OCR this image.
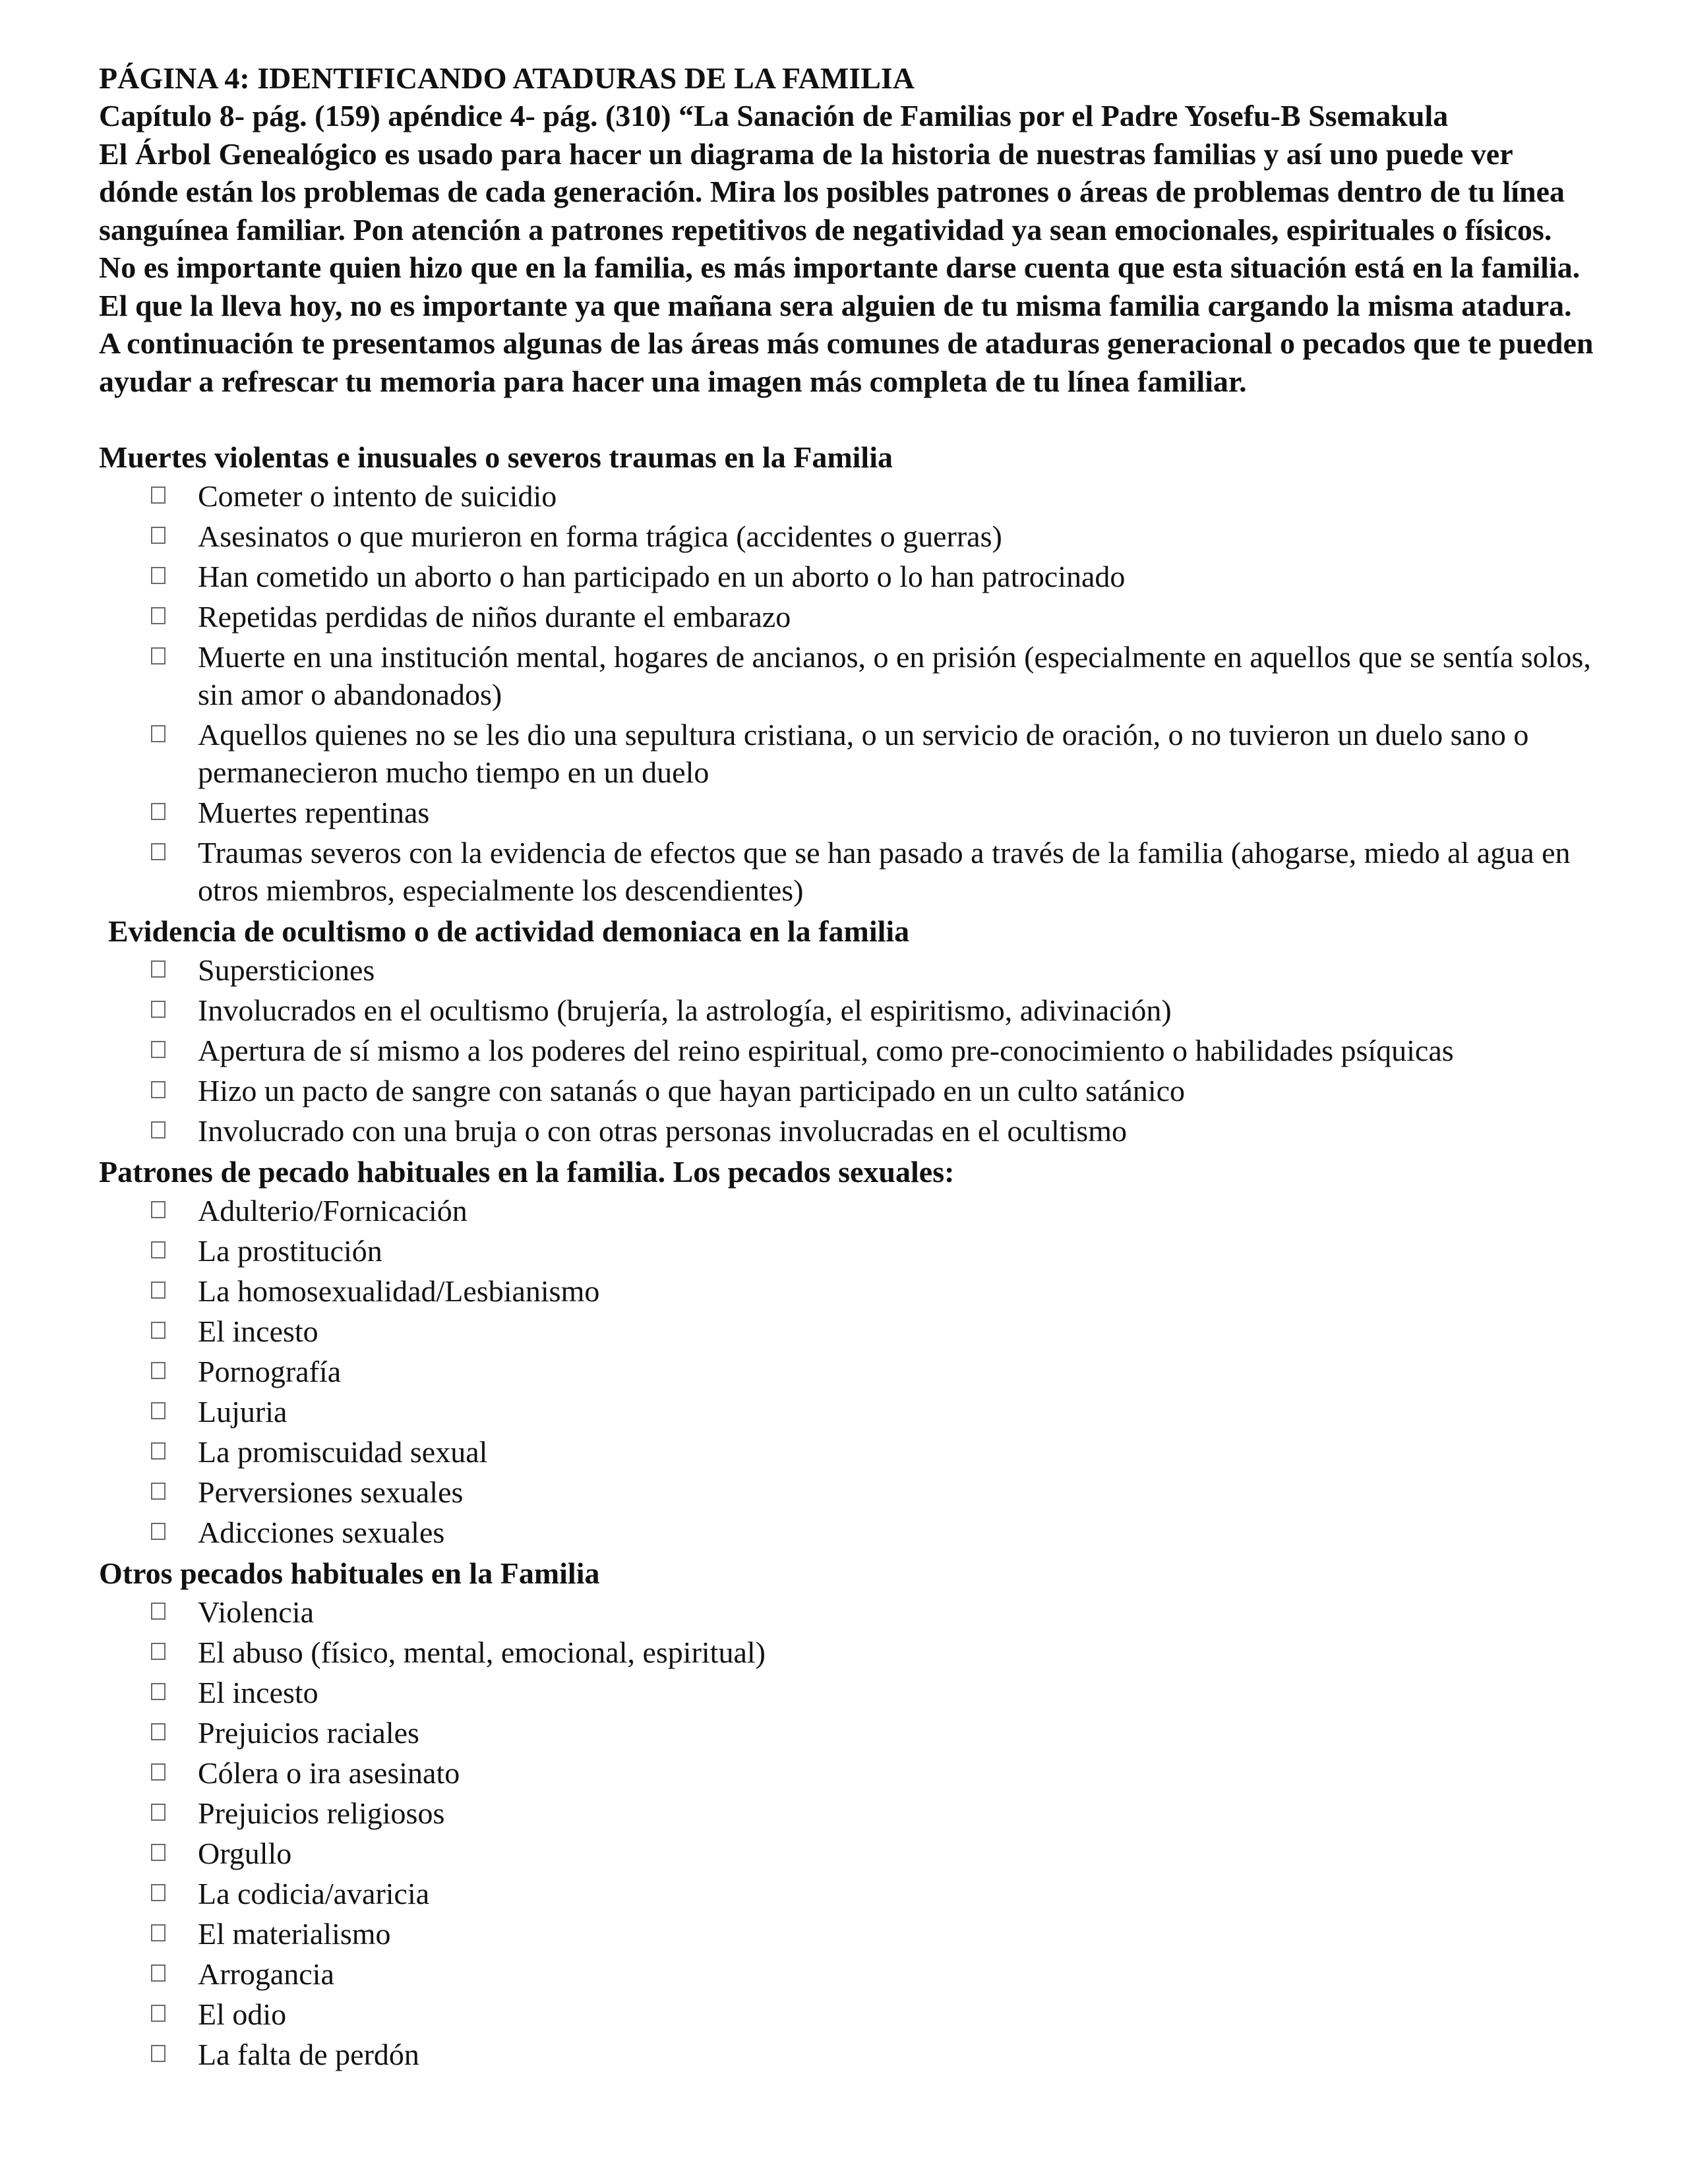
PÁGINA 4: IDENTIFICANDO ATADURAS DE LA FAMILIA

Capítulo 8- pág. (159) apéndice 4- pág. (310) “La Sanación de Familias por el Padre Yosefu-B Ssemakula

El Árbol Genealógico es usado para hacer un diagrama de la historia de nuestras familias y así uno puede ver dónde están los problemas de cada generación. Mira los posibles patrones o áreas de problemas dentro de tu línea sanguínea familiar. Pon atención a patrones repetitivos de negatividad ya sean emocionales, espirituales o físicos. No es importante quien hizo que en la familia, es más importante darse cuenta que esta situación está en la familia. El que la lleva hoy, no es importante ya que mañana sera alguien de tu misma familia cargando la misma atadura. A continuación te presentamos algunas de las áreas más comunes de ataduras generacional o pecados que te pueden ayudar a refrescar tu memoria para hacer una imagen más completa de tu línea familiar.

Muertes violentas e inusuales o severos traumas en la Familia
Cometer o intento de suicidio
Asesinatos o que murieron en forma trágica (accidentes o guerras)
Han cometido un aborto o han participado en un aborto o lo han patrocinado
Repetidas perdidas de niños durante el embarazo
Muerte en una institución mental, hogares de ancianos, o en prisión (especialmente en aquellos que se sentía solos, sin amor o abandonados)
Aquellos quienes no se les dio una sepultura cristiana, o un servicio de oración, o no tuvieron un duelo sano o permanecieron mucho tiempo en un duelo
Muertes repentinas
Traumas severos con la evidencia de efectos que se han pasado a través de la familia (ahogarse, miedo al agua en otros miembros, especialmente los descendientes)
Evidencia de ocultismo o de actividad demoniaca en la familia
Supersticiones
Involucrados en el ocultismo (brujería, la astrología, el espiritismo, adivinación)
Apertura de sí mismo a los poderes del reino espiritual, como pre-conocimiento o habilidades psíquicas
Hizo un pacto de sangre con satanás o que hayan participado en un culto satánico
Involucrado con una bruja o con otras personas involucradas en el ocultismo
Patrones de pecado habituales en la familia. Los pecados sexuales:
Adulterio/Fornicación
La prostitución
La homosexualidad/Lesbianismo
El incesto
Pornografía
Lujuria
La promiscuidad sexual
Perversiones sexuales
Adicciones sexuales
Otros pecados habituales en la Familia
Violencia
El abuso (físico, mental, emocional, espiritual)
El incesto
Prejuicios raciales
Cólera o ira asesinato
Prejuicios religiosos
Orgullo
La codicia/avaricia
El materialismo
Arrogancia
El odio
La falta de perdón
